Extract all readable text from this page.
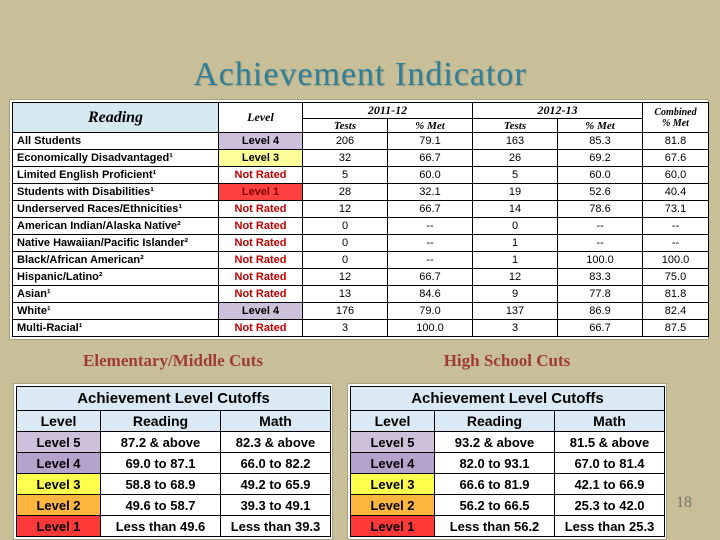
Achievement Indicator
Reading	Level	2011-12		2012-13		Combined
% Met

		Tests	% Met	Tests	% Met	
All Students	Level 4	206	79.1	163	85.3	81.8
Economically Disadvantaged¹	Level 3	32	66.7	26	69.2	67.6
Limited English Proficient¹	Not Rated	5	60.0	5	60.0	60.0
Students with Disabilities¹	Level 1	28	32.1	19	52.6	40.4
Underserved Races/Ethnicities¹	Not Rated	12	66.7	14	78.6	73.1
American Indian/Alaska Native²	Not Rated	0	--	0	--	--
Native Hawaiian/Pacific Islander²	Not Rated	0	--	1	--	--
Black/African American²	Not Rated	0	--	1	100.0	100.0
Hispanic/Latino²	Not Rated	12	66.7	12	83.3	75.0
Asian¹	Not Rated	13	84.6	9	77.8	81.8
White¹	Level 4	176	79.0	137	86.9	82.4
Multi-Racial¹	Not Rated	3	100.0	3	66.7	87.5
Elementary/Middle Cuts	High School Cuts
Achievement Level Cutoffs		
Level	Reading	Math
Level 5	87.2 & above	82.3 & above
Level 4	69.0 to 87.1	66.0 to 82.2
Level 3	58.8 to 68.9	49.2 to 65.9
Level 2	49.6 to 58.7	39.3 to 49.1
Level 1	Less than 49.6	Less than 39.3
Achievement Level Cutoffs		
Level	Reading	Math
Level 5	93.2 & above	81.5 & above
Level 4	82.0 to 93.1	67.0 to 81.4
Level 3	66.6 to 81.9	42.1 to 66.9
Level 2	56.2 to 66.5	25.3 to 42.0
Level 1	Less than 56.2	Less than 25.3
18
